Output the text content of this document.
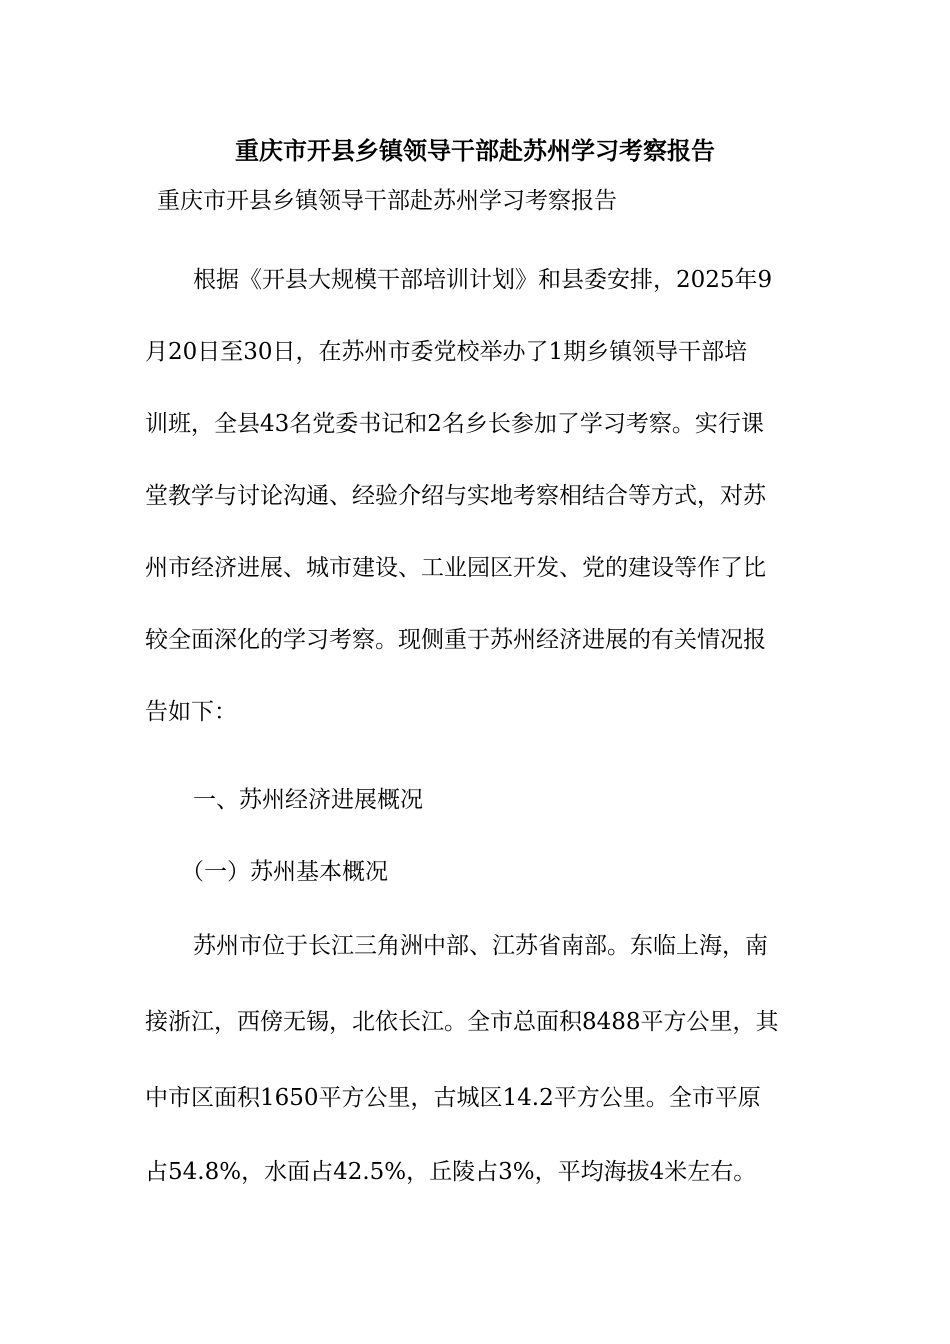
重庆市开县乡镇领导干部赴苏州学习考察报告
重庆市开县乡镇领导干部赴苏州学习考察报告
根据《开县大规模干部培训计划》和县委安排，2025年9
月20日至30日，在苏州市委党校举办了1期乡镇领导干部培
训班，全县43名党委书记和2名乡长参加了学习考察。实行课
堂教学与讨论沟通、经验介绍与实地考察相结合等方式，对苏
州市经济进展、城市建设、工业园区开发、党的建设等作了比
较全面深化的学习考察。现侧重于苏州经济进展的有关情况报
告如下：
一、苏州经济进展概况
（一）苏州基本概况
苏州市位于长江三角洲中部、江苏省南部。东临上海，南
接浙江，西傍无锡，北依长江。全市总面积8488平方公里，其
中市区面积1650平方公里，古城区14.2平方公里。全市平原
占54.8%，水面占42.5%，丘陵占3%，平均海拔4米左右。
